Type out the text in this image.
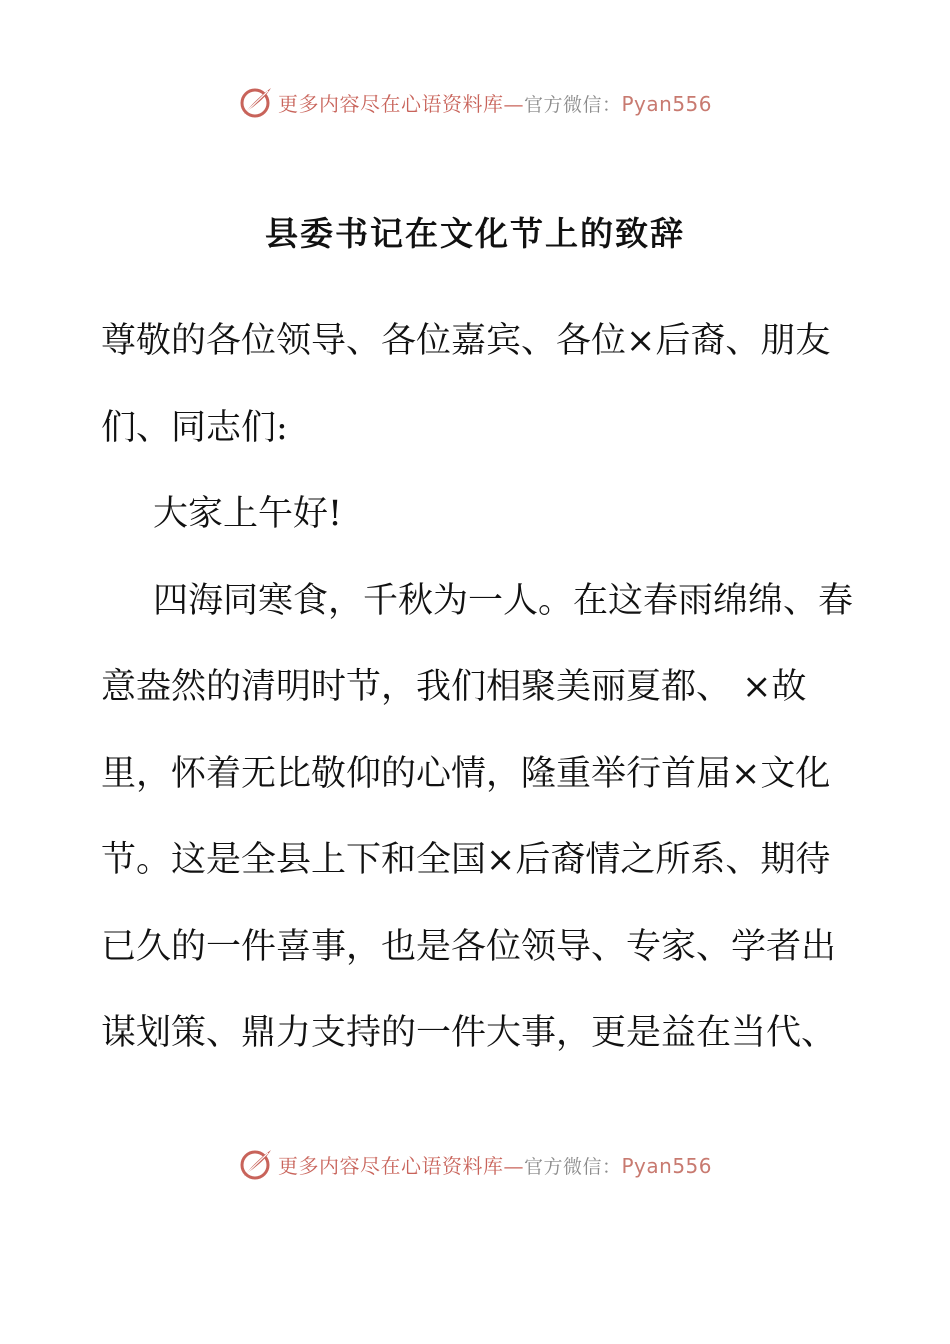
更多内容尽在心语资料库—官方微信：Pyan556
县委书记在文化节上的致辞

尊敬的各位领导、各位嘉宾、各位×后裔、朋友们、同志们:

大家上午好!

四海同寒食，千秋为一人。在这春雨绵绵、春意盎然的清明时节，我们相聚美丽夏都、 ×故里，怀着无比敬仰的心情，隆重举行首届×文化节。这是全县上下和全国×后裔情之所系、期待已久的一件喜事，也是各位领导、专家、学者出谋划策、鼎力支持的一件大事，更是益在当代、

更多内容尽在心语资料库—官方微信：Pyan556
